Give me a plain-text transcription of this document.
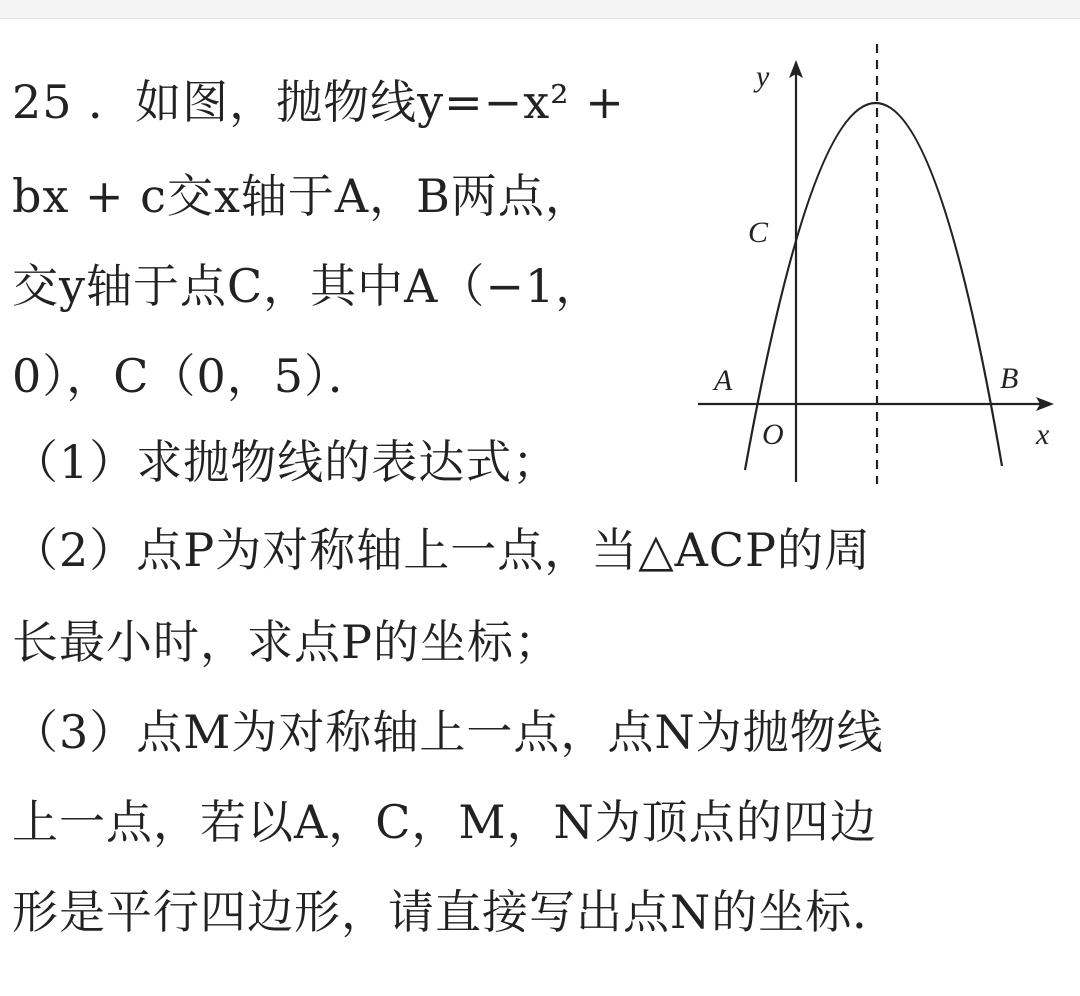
25 ．如图，抛物线y=−x² +
bx + c交x轴于A，B两点，
交y轴于点C，其中A（−1，
0），C（0，5）．
（1）求抛物线的表达式；
（2）点P为对称轴上一点，当△ACP的周
长最小时，求点P的坐标；
（3）点M为对称轴上一点，点N为抛物线
上一点，若以A，C，M，N为顶点的四边
形是平行四边形，请直接写出点N的坐标．
y
x
O
A	B
C
